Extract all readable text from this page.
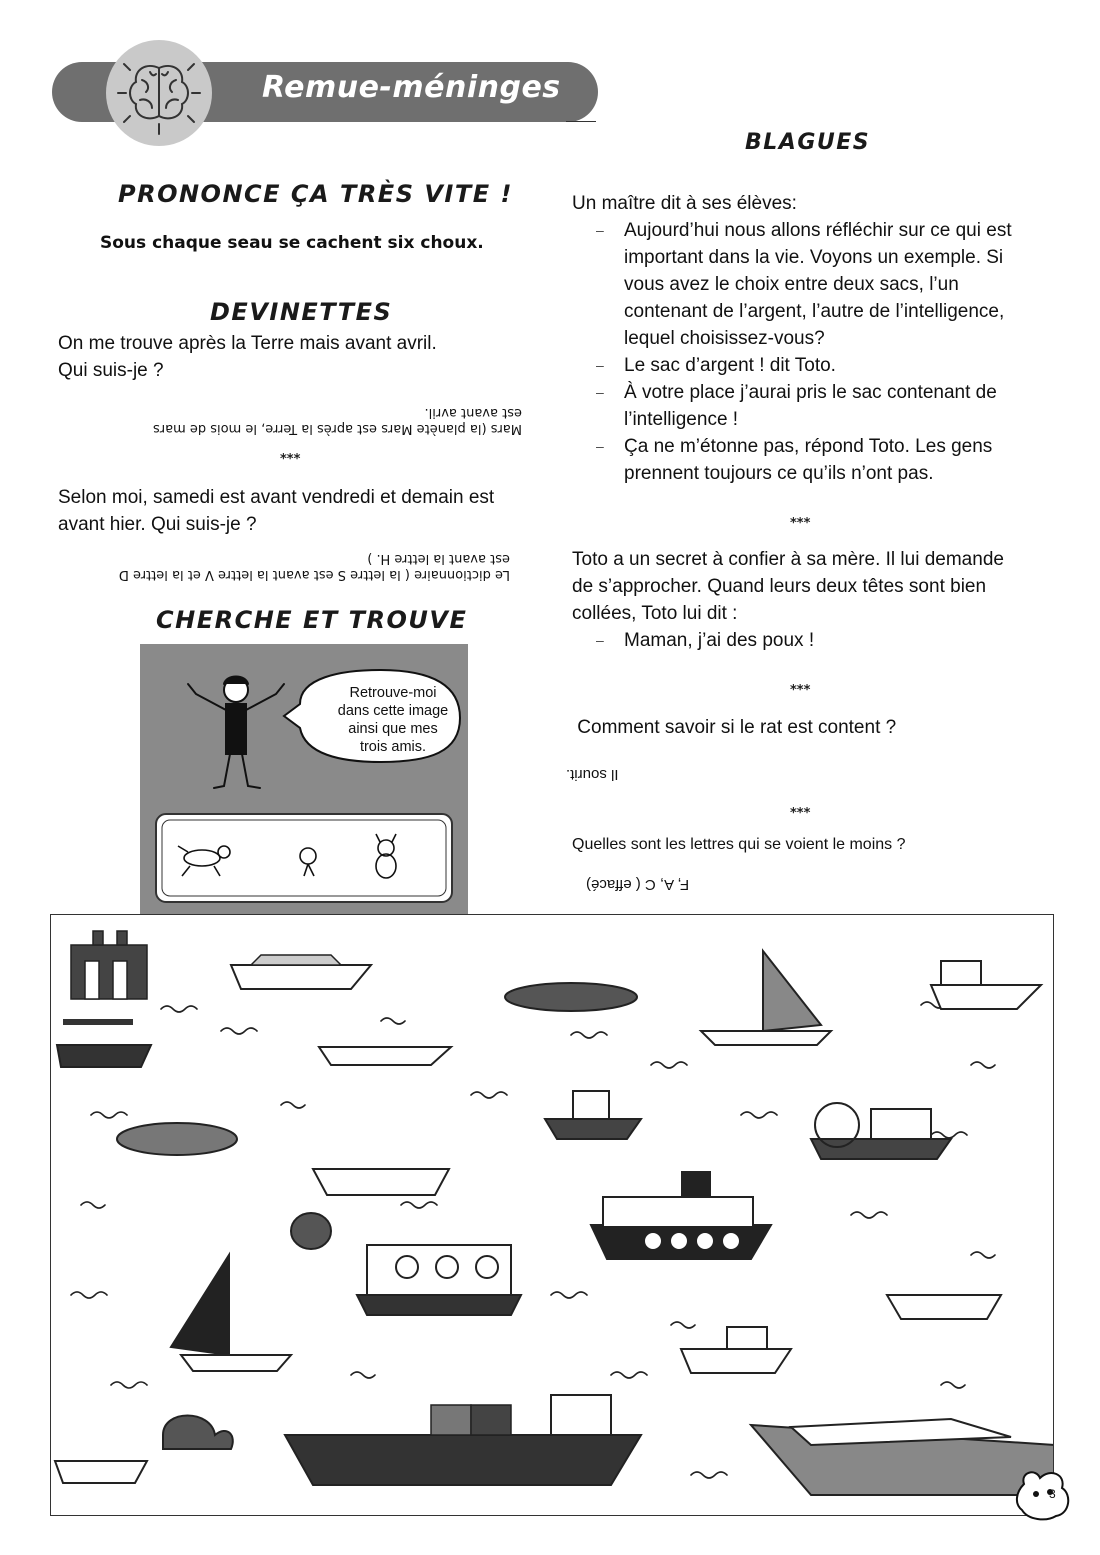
Remue-méninges
PRONONCE ÇA TRÈS VITE !
Sous chaque seau se cachent six choux.
DEVINETTES
On me trouve après la Terre mais avant avril.
Qui suis-je ?
Mars (la planète Mars est après la Terre, le mois de mars
est avant avril.
***
Selon moi, samedi est avant vendredi et demain est
avant hier. Qui suis-je ?
Le dictionnaire ( la lettre S est avant la lettre V et la lettre D
est avant la lettre H. )
CHERCHE ET TROUVE
Retrouve-moi
dans cette image
ainsi que mes
trois amis.
BLAGUES
Un maître dit à ses élèves:
–	Aujourd’hui nous allons réfléchir sur ce qui est important dans la vie. Voyons un exemple. Si vous avez le choix entre deux sacs, l’un contenant de l’argent, l’autre de l’intelligence, lequel choisissez-vous?
–	Le sac d’argent ! dit Toto.
–	À votre place j’aurai pris le sac contenant de l’intelligence !
–	Ça ne m’étonne pas, répond Toto. Les gens prennent toujours ce qu’ils n’ont pas.
***
Toto a un secret à confier à sa mère. Il lui demande
de s’approcher. Quand leurs deux têtes sont bien
collées, Toto lui dit :
–	Maman, j’ai des poux !
***
Comment savoir si le rat est content ?
Il sourit.
***
Quelles sont les lettres qui se voient le moins ?
F, A, C ( effacé)
3
